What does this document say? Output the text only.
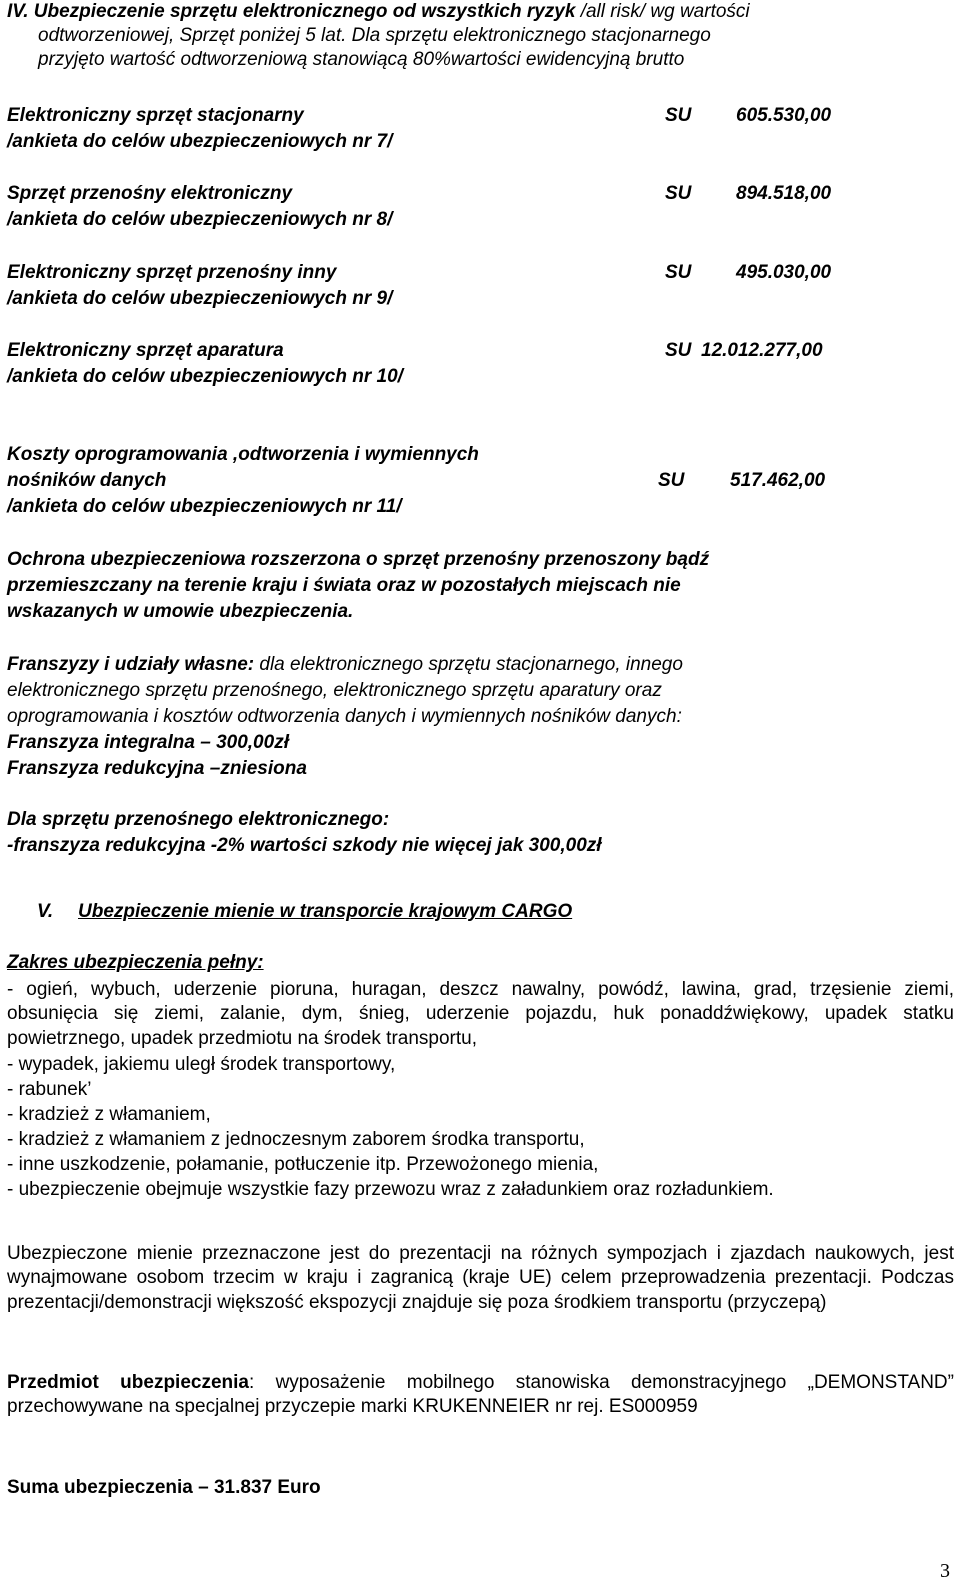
IV. Ubezpieczenie sprzętu elektronicznego od wszystkich ryzyk /all risk/ wg wartości
odtworzeniowej, Sprzęt poniżej 5 lat. Dla sprzętu elektronicznego stacjonarnego
przyjęto wartość odtworzeniową stanowiącą 80%wartości ewidencyjną brutto
Elektroniczny sprzęt stacjonarny	SU 605.530,00
/ankieta do celów ubezpieczeniowych nr 7/
Sprzęt przenośny elektroniczny	SU 894.518,00
/ankieta do celów ubezpieczeniowych nr 8/
Elektroniczny sprzęt przenośny inny	SU 495.030,00
/ankieta do celów ubezpieczeniowych nr 9/
Elektroniczny sprzęt aparatura	SU 12.012.277,00
/ankieta do celów ubezpieczeniowych nr 10/
Koszty oprogramowania ,odtworzenia i wymiennych
nośników danych	SU 517.462,00
/ankieta do celów ubezpieczeniowych nr 11/
Ochrona ubezpieczeniowa rozszerzona o sprzęt przenośny przenoszony bądź
przemieszczany na terenie kraju i świata oraz w pozostałych miejscach nie
wskazanych w umowie ubezpieczenia.
Franszyzy i udziały własne: dla elektronicznego sprzętu stacjonarnego, innego
elektronicznego sprzętu przenośnego, elektronicznego sprzętu aparatury oraz
oprogramowania i kosztów odtworzenia danych i wymiennych nośników danych:
Franszyza integralna – 300,00zł
Franszyza redukcyjna –zniesiona
Dla sprzętu przenośnego elektronicznego:
-franszyza redukcyjna -2% wartości szkody nie więcej jak 300,00zł
V. Ubezpieczenie mienie w transporcie krajowym CARGO
Zakres ubezpieczenia pełny:
- ogień, wybuch, uderzenie pioruna, huragan, deszcz nawalny, powódź, lawina, grad, trzęsienie ziemi, obsunięcia się ziemi, zalanie, dym, śnieg, uderzenie pojazdu, huk ponaddźwiękowy, upadek statku powietrznego, upadek przedmiotu na środek transportu,
- wypadek, jakiemu uległ środek transportowy,
- rabunek’
- kradzież z włamaniem,
- kradzież z włamaniem z jednoczesnym zaborem środka transportu,
- inne uszkodzenie, połamanie, potłuczenie itp. Przewożonego mienia,
- ubezpieczenie obejmuje wszystkie fazy przewozu wraz z załadunkiem oraz rozładunkiem.
Ubezpieczone mienie przeznaczone jest do prezentacji na różnych sympozjach i zjazdach naukowych, jest wynajmowane osobom trzecim w kraju i zagranicą (kraje UE) celem przeprowadzenia prezentacji. Podczas prezentacji/demonstracji większość ekspozycji znajduje się poza środkiem transportu (przyczepą)
Przedmiot ubezpieczenia: wyposażenie mobilnego stanowiska demonstracyjnego „DEMONSTAND” przechowywane na specjalnej przyczepie marki KRUKENNEIER nr rej. ES000959
Suma ubezpieczenia – 31.837 Euro
3
